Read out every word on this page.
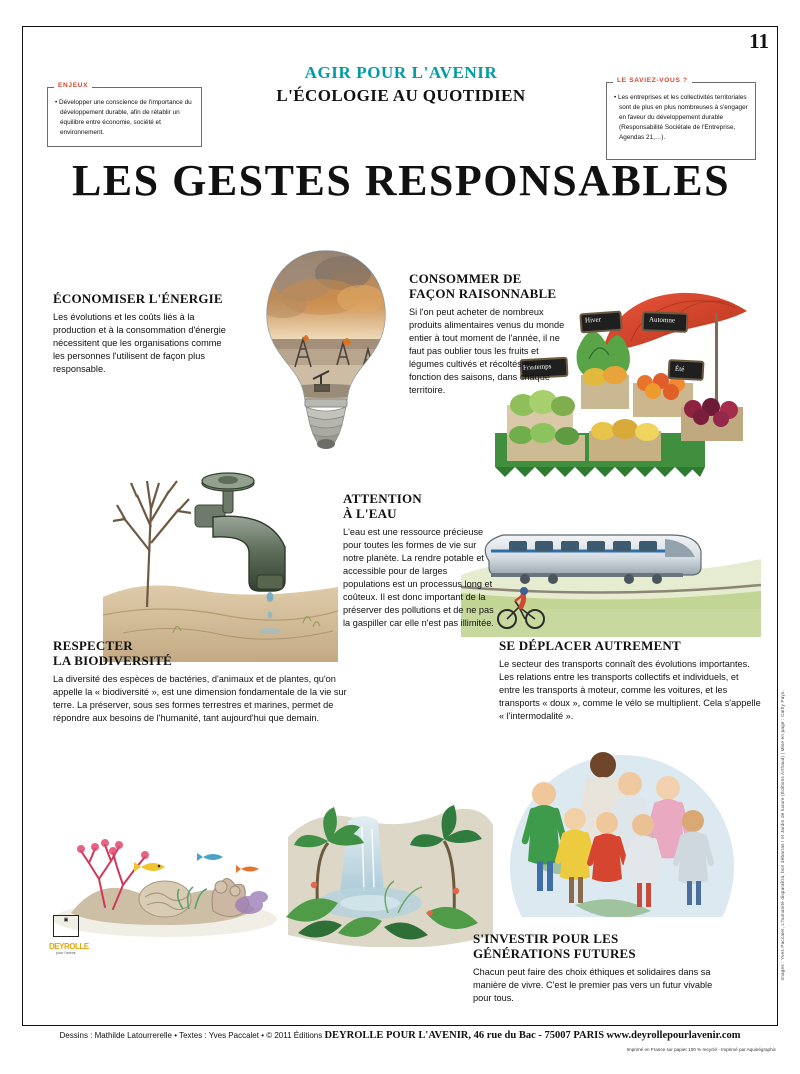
11
AGIR POUR L'AVENIR
L'ÉCOLOGIE AU QUOTIDIEN
ENJEUX
• Développer une conscience de l'importance du développement durable, afin de rétablir un équilibre entre économie, société et environnement.
LE SAVIEZ-VOUS ?
• Les entreprises et les collectivités territoriales sont de plus en plus nombreuses à s'engager en faveur du développement durable (Responsabilité Sociétale de l'Entreprise, Agendas 21,…).
LES GESTES RESPONSABLES
Hiver	Automne
Printemps	Été
ÉCONOMISER L'ÉNERGIE

Les évolutions et les coûts liés à la production et à la consommation d'énergie nécessitent que les organisations comme les personnes l'utilisent de façon plus responsable.

CONSOMMER DE FAÇON RAISONNABLE

Si l'on peut acheter de nombreux produits alimentaires venus du monde entier à tout moment de l'année, il ne faut pas oublier tous les fruits et légumes cultivés et récoltés en fonction des saisons, dans chaque territoire.

ATTENTION
À L'EAU

L'eau est une ressource précieuse pour toutes les formes de vie sur notre planète. La rendre potable et accessible pour de larges populations est un processus long et coûteux. Il est donc important de la préserver des pollutions et de ne pas la gaspiller car elle n'est pas illimitée.

RESPECTER
LA BIODIVERSITÉ

La diversité des espèces de bactéries, d'animaux et de plantes, qu'on appelle la « biodiversité », est une dimension fondamentale de la vie sur terre. La préserver, sous ses formes terrestres et marines, permet de répondre aux besoins de l'humanité, tant aujourd'hui que demain.

SE DÉPLACER AUTREMENT

Le secteur des transports connaît des évolutions importantes. Les relations entre les transports collectifs et individuels, et entre les transports à moteur, comme les voitures, et les transports « doux », comme le vélo se multiplient. Cela s'appelle « l'intermodalité ».

S'INVESTIR POUR LES
GÉNÉRATIONS FUTURES

Chacun peut faire des choix éthiques et solidaires dans sa manière de vivre. C'est le premier pas vers un futur vivable pour tous.

▣
DEYROLLE
pour l'avenir	Images : Yves Paccalet, L'humanité disparaîtra, bon débarras ! et Jardin de luxure (Éditions Arthaud) | Mise en page : Cathy Pays.
Dessins : Mathilde Latourrerelle • Textes : Yves Paccalet • © 2011 Éditions DEYROLLE POUR L'AVENIR, 46 rue du Bac - 75007 PARIS www.deyrollepourlavenir.com
Imprimé en France sur papier 100 % recyclé · Imprimé par Aquinégraphic
